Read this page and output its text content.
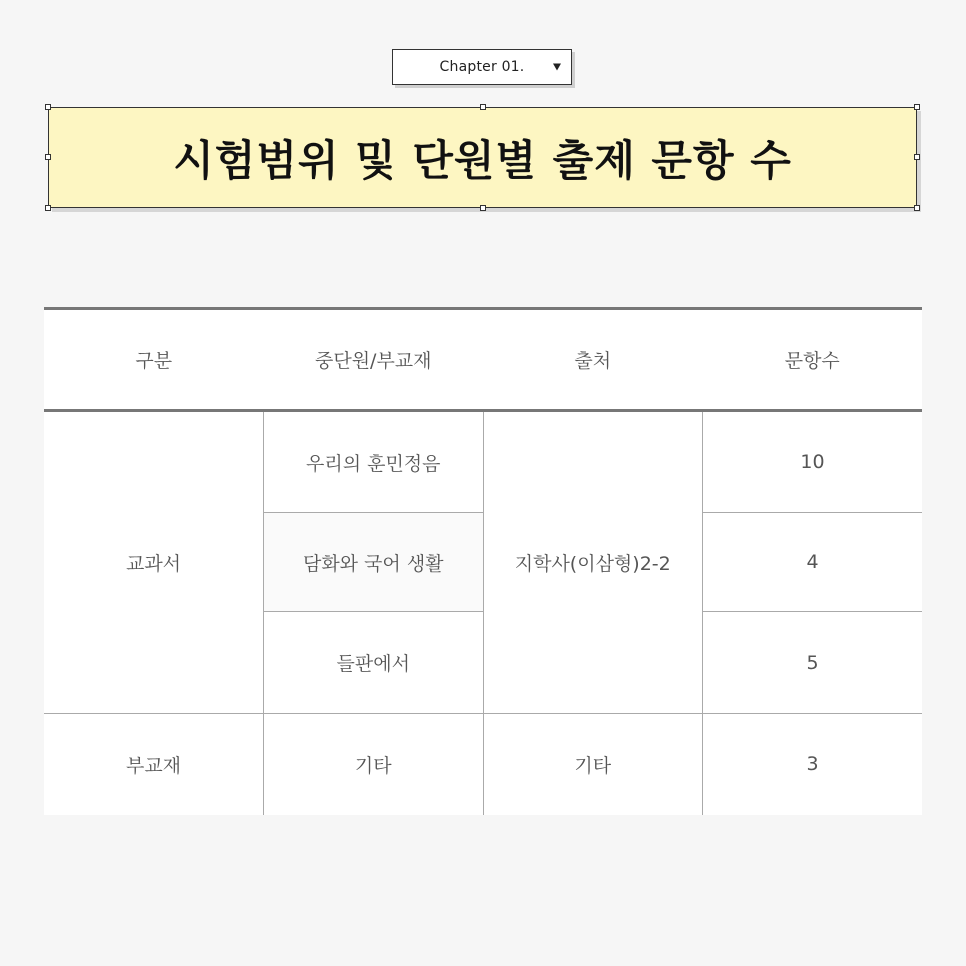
Chapter 01.
시험범위 및 단원별 출제 문항 수
구분	중단원/부교재	출처	문항수
교과서	우리의 훈민정음	지학사(이삼형)2-2	10
	담화와 국어 생활		4
	들판에서		5
부교재	기타	기타	3
